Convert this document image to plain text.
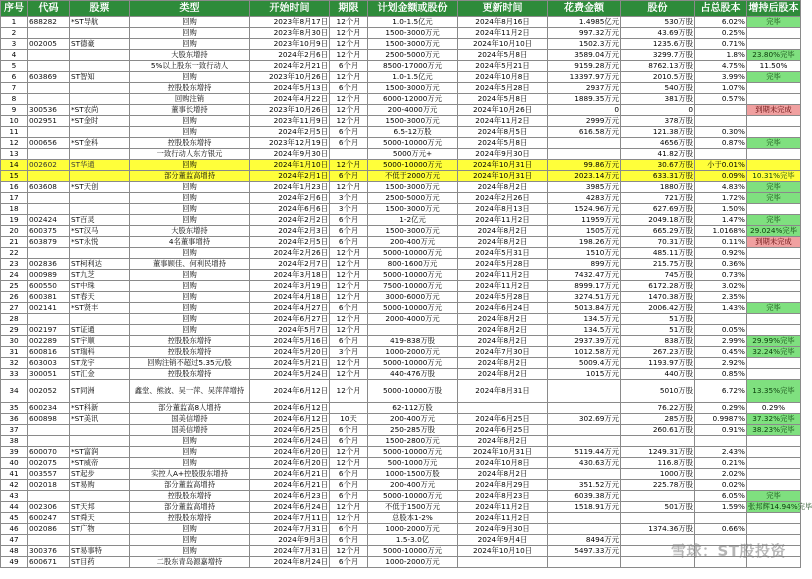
序号	代码	股票	类型	开始时间	期限	计划金额或股份	更新时间	花费金额	股份	占总股本	增持后股本
1	688282	*ST导航	回购	2023年8月17日	12个月	1.0-1.5亿元	2024年8月16日	1.4985亿元	530万股	6.02%	完毕
2			回购	2023年8月30日	12个月	1500-3000万元	2024年11月2日	997.32万元	43.69万股	0.25%	
3	002005	ST德豪	回购	2023年10月9日	12个月	1500-3000万元	2024年10月10日	1502.3万元	1235.6万股	0.71%	
4			大股东增持	2024年2月6日	12个月	2500-5000万元	2024年5月8日	3589.04万元	3299.7万股	1.8%	23.80%完毕
5			5%以上股东一致行动人	2024年2月21日	6个月	8500-17000万元	2024年5月21日	9159.28万元	8762.13万股	4.75%	11.50%
6	603869	ST智知	回购	2023年10月26日	12个月	1.0-1.5亿元	2024年10月8日	13397.97万元	2010.5万股	3.99%	完毕
7			控股股东增持	2024年5月13日	6个月	1500-3000万元	2024年5月28日	2937万元	540万股	1.07%	
8			回购注销	2024年4月22日	12个月	6000-12000万元	2024年5月8日	1889.35万元	381万股	0.57%	
9	300536	*ST农尚	董事长增持	2023年10月26日	12个月	200-4000万元	2024年10月26日	0	0		到期未完成
10	002951	*ST金时	回购	2023年11月9日	12个月	1500-3000万元	2024年11月2日	2999万元	378万股		
11			回购	2024年2月5日	6个月	6.5-12万股	2024年8月5日	616.58万元	121.38万股	0.30%	
12	000656	*ST金科	控股股东增持	2023年12月19日	6个月	5000-10000万元	2024年5月8日		4656万股	0.87%	完毕
13			一致行动人东方银元	2024年9月30日		5000万元+	2024年9月30日		41.82万股		
14	002602	ST华通	回购	2024年1月10日	12个月	5000-10000万元	2024年10月31日	99.86万元	30.67万股	小于0.01%	
15			部分董监高增持	2024年2月1日	6个月	不低于2000万元	2024年10月31日	2023.14万元	633.31万股	0.09%	10.31%完毕
16	603608	*ST天创	回购	2024年1月23日	12个月	1500-3000万元	2024年8月2日	3985万元	1880万股	4.83%	完毕
17			回购	2024年2月6日	3个月	2500-5000万元	2024年2月26日	4283万元	721万股	1.72%	完毕
18			回购	2024年6月6日	3个月	1500-3000万元	2024年8月13日	1524.96万元	627.69万股	1.50%	
19	002424	ST百灵	回购	2024年2月2日	6个月	1-2亿元	2024年11月2日	11959万元	2049.18万股	1.47%	完毕
20	600375	*ST汉马	大股东增持	2024年2月3日	6个月	1500-3000万元	2024年8月2日	1505万元	665.29万股	1.0168%	29.024%完毕
21	603879	*ST永悦	4名董事增持	2024年2月5日	6个月	200-400万元	2024年8月2日	198.26万元	70.31万股	0.11%	到期未完成
22			回购	2024年2月26日	12个月	5000-10000万元	2024年5月31日	1510万元	485.11万股	0.92%	
23	002836	ST柯利达	董事顾佳、何利民增持	2024年2月7日	12个月	800-1600万元	2024年5月28日	899万元	215.75万股	0.36%	
24	000989	ST九芝	回购	2024年3月18日	12个月	5000-10000万元	2024年11月2日	7432.47万元	745万股	0.73%	
25	600550	ST中珠	回购	2024年3月19日	12个月	7500-10000万元	2024年11月2日	8999.17万元	6172.28万股	3.02%	
26	600381	ST春天	回购	2024年4月18日	12个月	3000-6000万元	2024年5月28日	3274.51万元	1470.38万股	2.35%	
27	002141	*ST贤丰	回购	2024年4月27日	6个月	5000-10000万元	2024年6月24日	5013.84万元	2006.42万股	1.43%	完毕
28			回购	2024年6月27日	12个月	2000-4000万元	2024年8月2日	134.5万元	51万股		
29	002197	ST证通	回购	2024年5月7日	12个月		2024年8月2日	134.5万元	51万股	0.05%	
30	002289	ST宇顺	控股股东增持	2024年5月16日	6个月	419-838万股	2024年8月2日	2937.39万元	838万股	2.99%	29.99%完毕
31	600816	ST瑞科	控股股东增持	2024年5月20日	3个月	1000-2000万元	2024年7月30日	1012.58万元	267.23万股	0.45%	32.24%完毕
32	603003	ST龙宇	回购注销不超过5.35元/股	2024年5月21日	12个月	5000-10000万元	2024年8月2日	5009.4万元	1193.97万股	2.92%	
33	300051	ST汇金	控股股东增持	2024年5月24日	12个月	440-476万股	2024年8月2日	1015万元	440万股	0.85%	
34	002052	ST同洲	鑫堂、熊波、吴一萍、吴萍萍增持	2024年6月12日	12个月	5000-10000万股	2024年8月31日		5010万股	6.72%	13.35%完毕
35	600234	*ST科新	部分董监高8人增持	2024年6月12日		62-112万股			76.22万股	0.29%	0.29%
36	600898	*ST美讯	国美信增持	2024年6月12日	10天	200-400万元	2024年6月25日	302.69万元	285万股	0.9987%	37.32%完毕
37			国美信增持	2024年6月25日	6个月	250-285万股	2024年6月25日		260.61万股	0.91%	38.23%完毕
38			回购	2024年6月24日	6个月	1500-2800万元	2024年8月2日				
39	600070	*ST富润	回购	2024年6月20日	12个月	5000-10000万元	2024年10月31日	5119.44万元	1249.31万股	2.43%	
40	002075	*ST威帝	回购	2024年6月20日	12个月	500-1000万元	2024年10月8日	430.63万元	116.8万股	0.21%	
41	003557	ST起步	实控人A+控股股东增持	2024年6月21日	6个月	1000-1500万股	2024年8月2日		1000万股	2.02%	
42	002018	ST易购	部分董监高增持	2024年6月21日	6个月	200-400万元	2024年8月29日	351.52万元	225.78万股	0.02%	
43			控股股东增持	2024年6月23日	6个月	5000-10000万元	2024年8月23日	6039.38万元		6.05%	完毕
44	002306	ST天邦	部分董监高增持	2024年6月24日	12个月	不低于1500万元	2024年11月2日	1518.91万元	501万股	1.59%	张邦辉14.94%完毕
45	600247	ST舜天	控股股东增持	2024年7月11日	12个月	总股本1-2%	2024年11月2日				
46	002086	ST广物	回购	2024年7月31日	6个月	1000-2000万元	2024年9月30日		1374.36万股	0.66%	
47			回购	2024年9月3日	6个月	1.5-3.0亿	2024年9月4日	8494万元			
48	300376	ST易事特	回购	2024年7月31日	12个月	5000-10000万元	2024年10月10日	5497.33万元			
49	600671	ST目药	二股东青岛源嘉增持	2024年8月24日	6个月	1000-2000万元					
雪球：ST股投资
